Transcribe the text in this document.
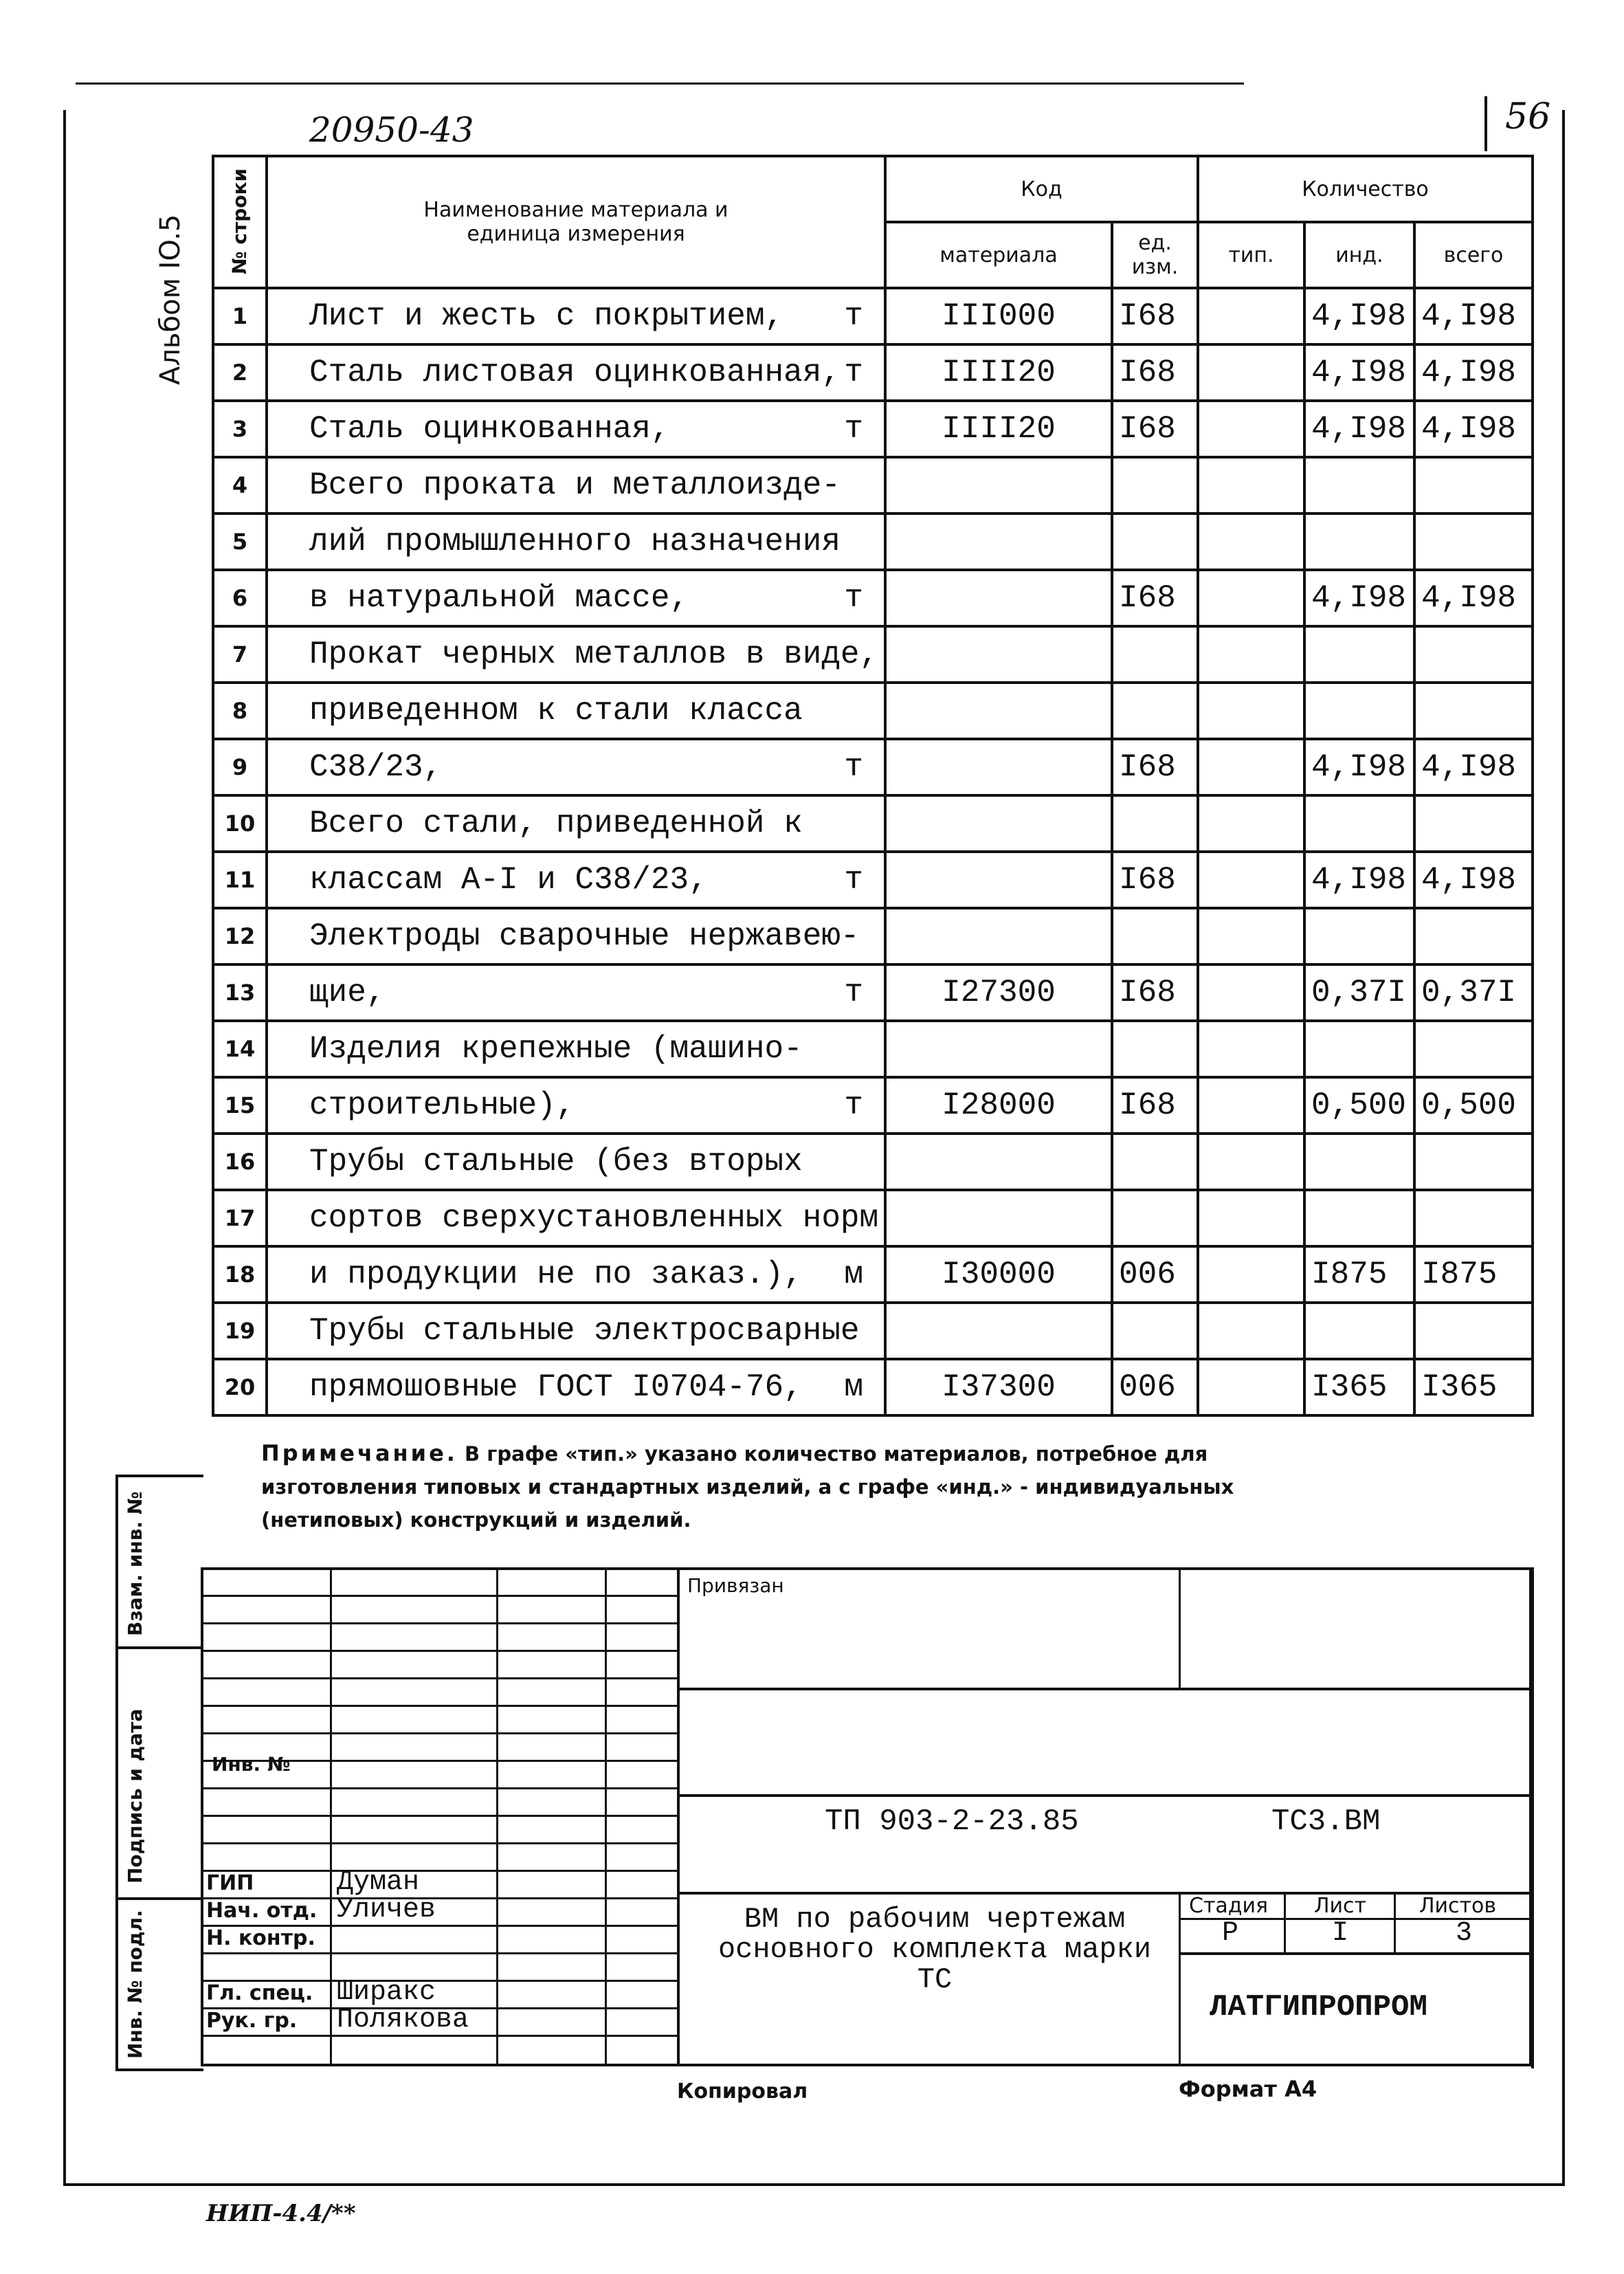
20950-43	56
Альбом IO.5
Взам. инв. №
Подпись и дата
Инв. № подл.
№ строки	Наименование материала и единица измерения	Код		Количество		
		материала	ед. изм.	тип.	инд.	всего
1	Лист и жесть с покрытием, т	III000	I68		4,I98	4,I98
2	Сталь листовая оцинкованная, т	IIII20	I68		4,I98	4,I98
3	Сталь оцинкованная, т	IIII20	I68		4,I98	4,I98
4	Всего проката и металлоизде-

5	лий промышленного назначения

6	в натуральной массе, т		I68		4,I98	4,I98
7	Прокат черных металлов в виде,

8	приведенном к стали класса

9	С38/23, т		I68		4,I98	4,I98
10	Всего стали, приведенной к

11	классам А-I и С38/23, т		I68		4,I98	4,I98
12	Электроды сварочные нержавею-

13	щие, т	I27300	I68		0,37I	0,37I
14	Изделия крепежные (машино-

15	строительные), т	I28000	I68		0,500	0,500
16	Трубы стальные (без вторых

17	сортов сверхустановленных норм

18	и продукции не по заказ.), м	I30000	006		I875	I875
19	Трубы стальные электросварные

20	прямошовные ГОСТ I0704-76, м	I37300	006		I365	I365
Примечание. В графе «тип.» указано количество материалов, потребное для изготовления типовых и стандартных изделий, а с графе «инд.» - индивидуальных (нетиповых) конструкций и изделий.
Привязан
Инв. №
ТП 903-2-23.85	ТС3.ВМ
ГИП	Думан
Нач. отд. Уличев
Н. контр.
Гл. спец. Ширакс
Рук. гр. Полякова
ВМ по рабочим чертежам основного комплекта марки ТС
Стадия Лист	Листов
Р	I	3
ЛАТГИПРОПРОМ
Копировал	Формат А4
НИП-4.4/**
